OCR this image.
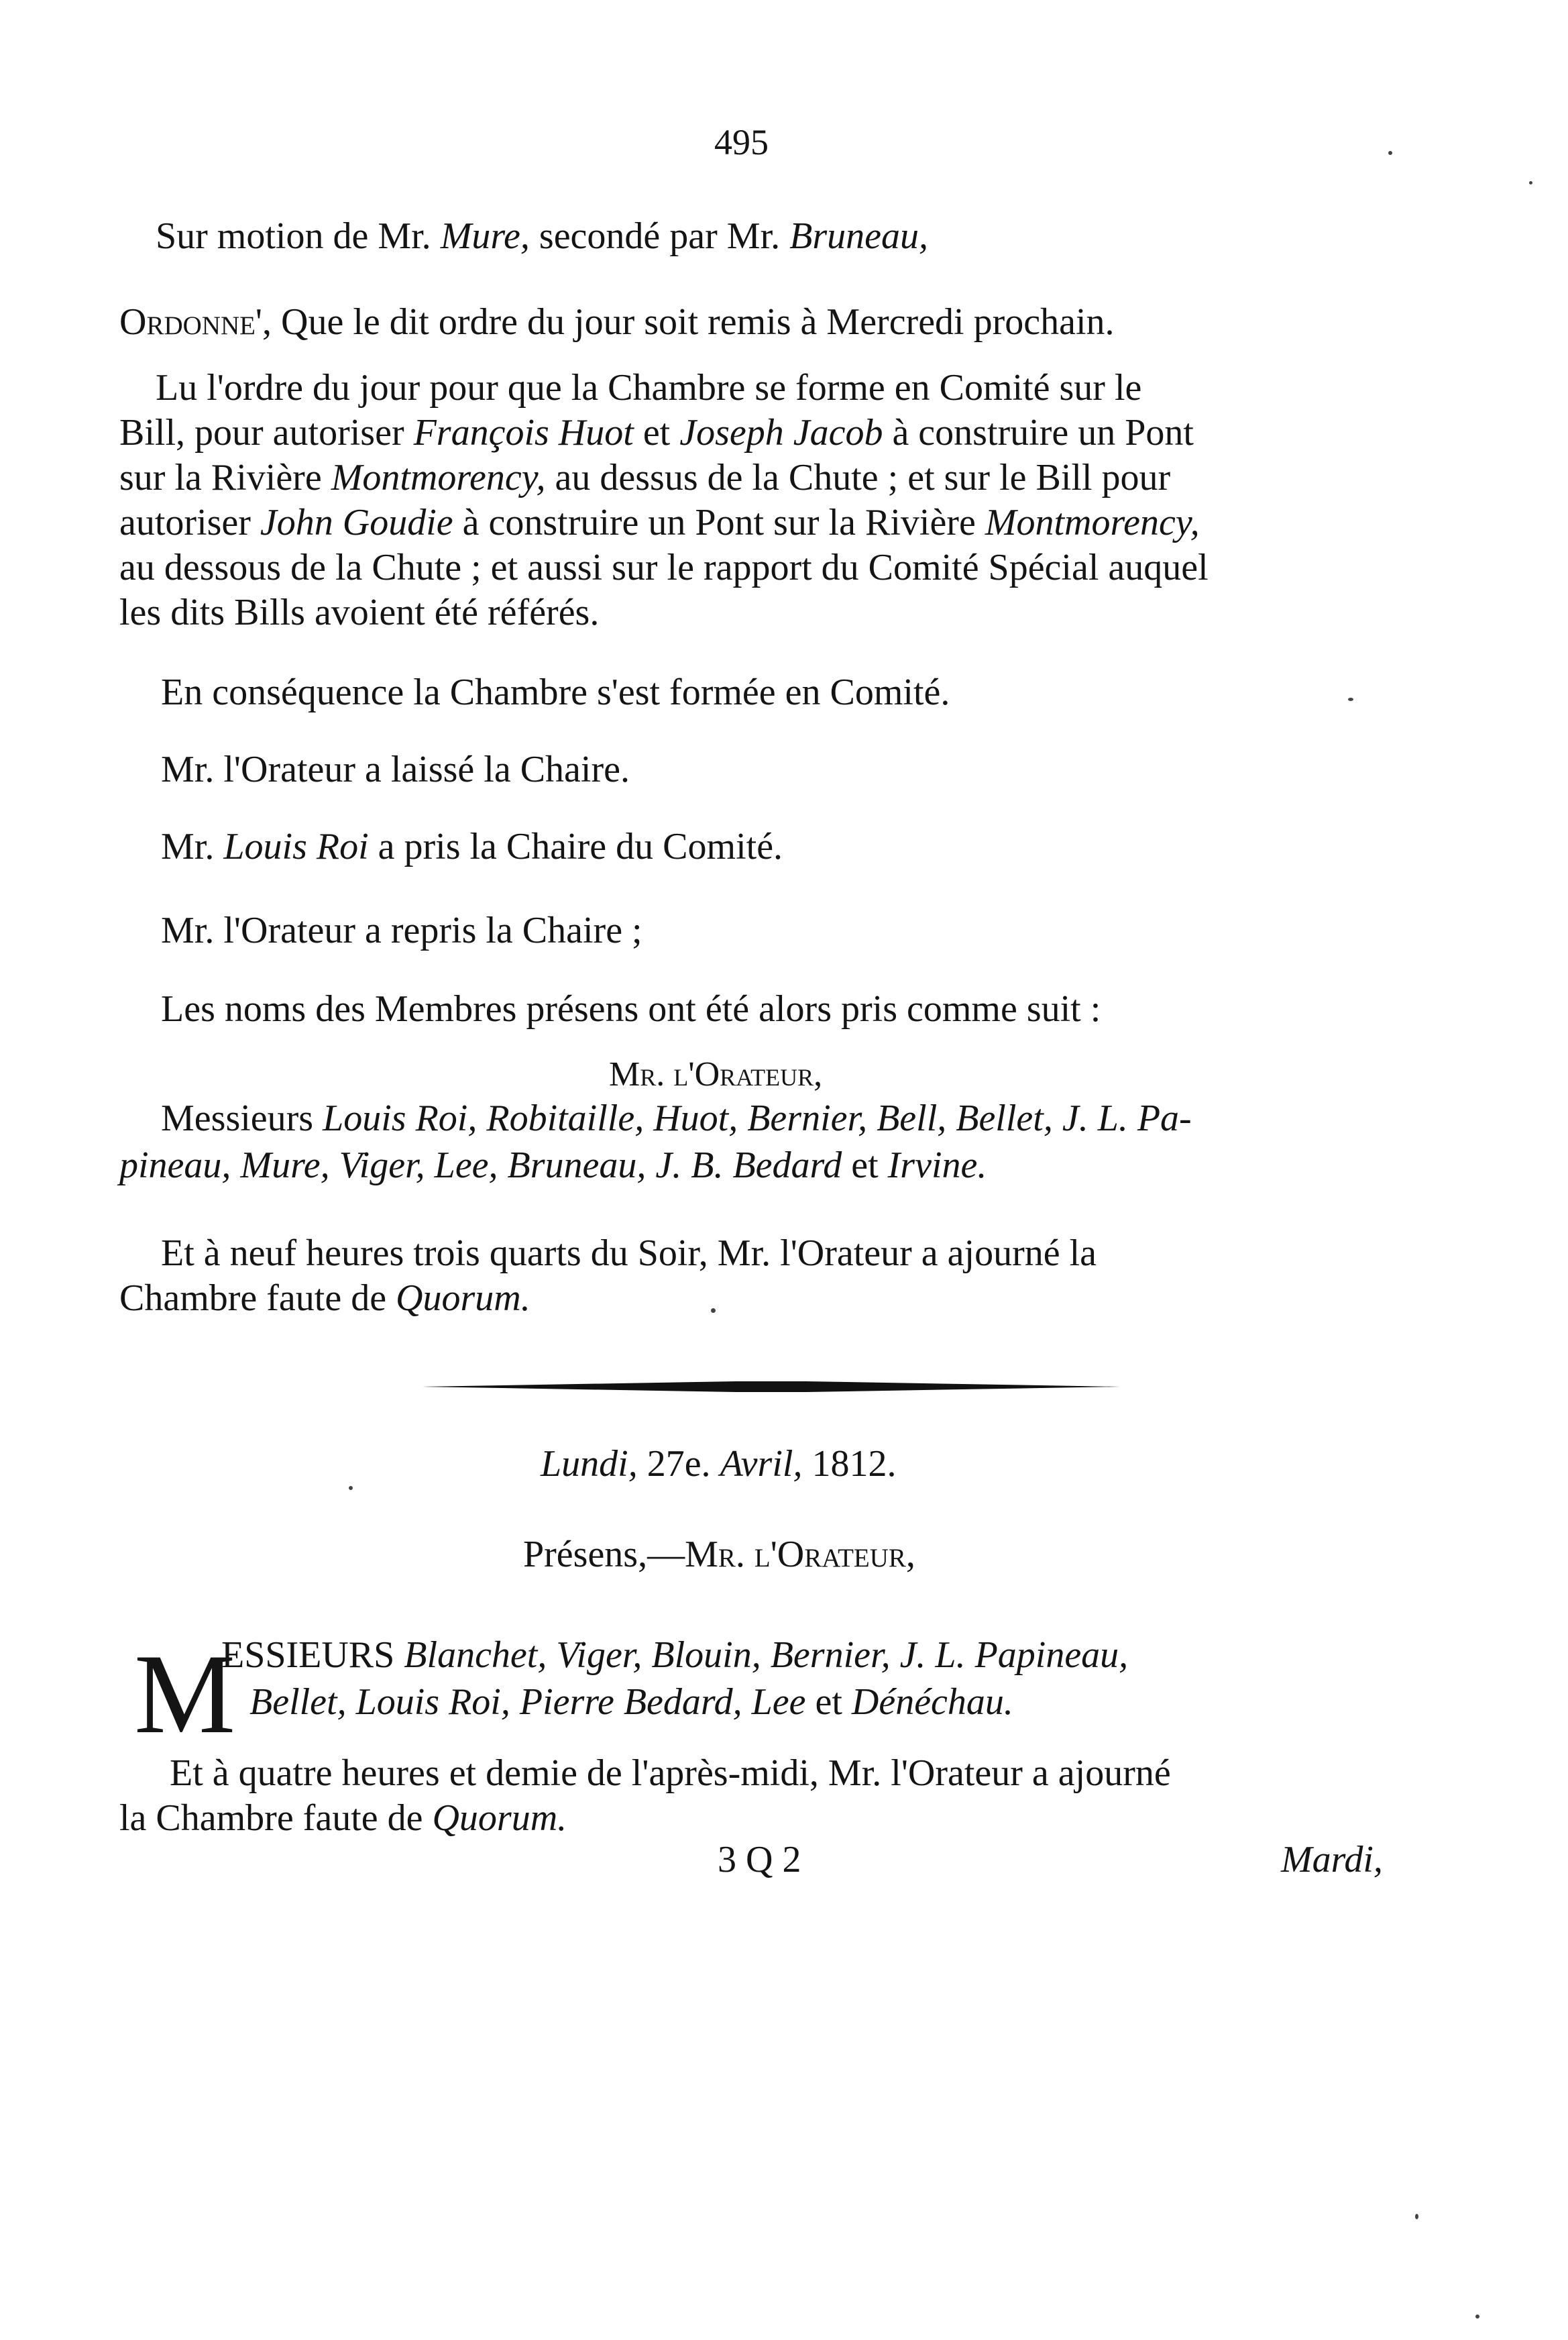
495
Sur motion de Mr. Mure, secondé par Mr. Bruneau,
Ordonne', Que le dit ordre du jour soit remis à Mercredi prochain.
Lu l'ordre du jour pour que la Chambre se forme en Comité sur le
Bill, pour autoriser François Huot et Joseph Jacob à construire un Pont
sur la Rivière Montmorency, au dessus de la Chute ; et sur le Bill pour
autoriser John Goudie à construire un Pont sur la Rivière Montmorency,
au dessous de la Chute ; et aussi sur le rapport du Comité Spécial auquel
les dits Bills avoient été référés.
En conséquence la Chambre s'est formée en Comité.
Mr. l'Orateur a laissé la Chaire.
Mr. Louis Roi a pris la Chaire du Comité.
Mr. l'Orateur a repris la Chaire ;
Les noms des Membres présens ont été alors pris comme suit :
Mr. l'Orateur,
Messieurs Louis Roi, Robitaille, Huot, Bernier, Bell, Bellet, J. L. Pa-
pineau, Mure, Viger, Lee, Bruneau, J. B. Bedard et Irvine.
Et à neuf heures trois quarts du Soir, Mr. l'Orateur a ajourné la
Chambre faute de Quorum.
Lundi, 27e. Avril, 1812.
Présens,—Mr. l'Orateur,
M
ESSIEURS Blanchet, Viger, Blouin, Bernier, J. L. Papineau,
Bellet, Louis Roi, Pierre Bedard, Lee et Dénéchau.
Et à quatre heures et demie de l'après-midi, Mr. l'Orateur a ajourné
la Chambre faute de Quorum.
3 Q 2	Mardi,
